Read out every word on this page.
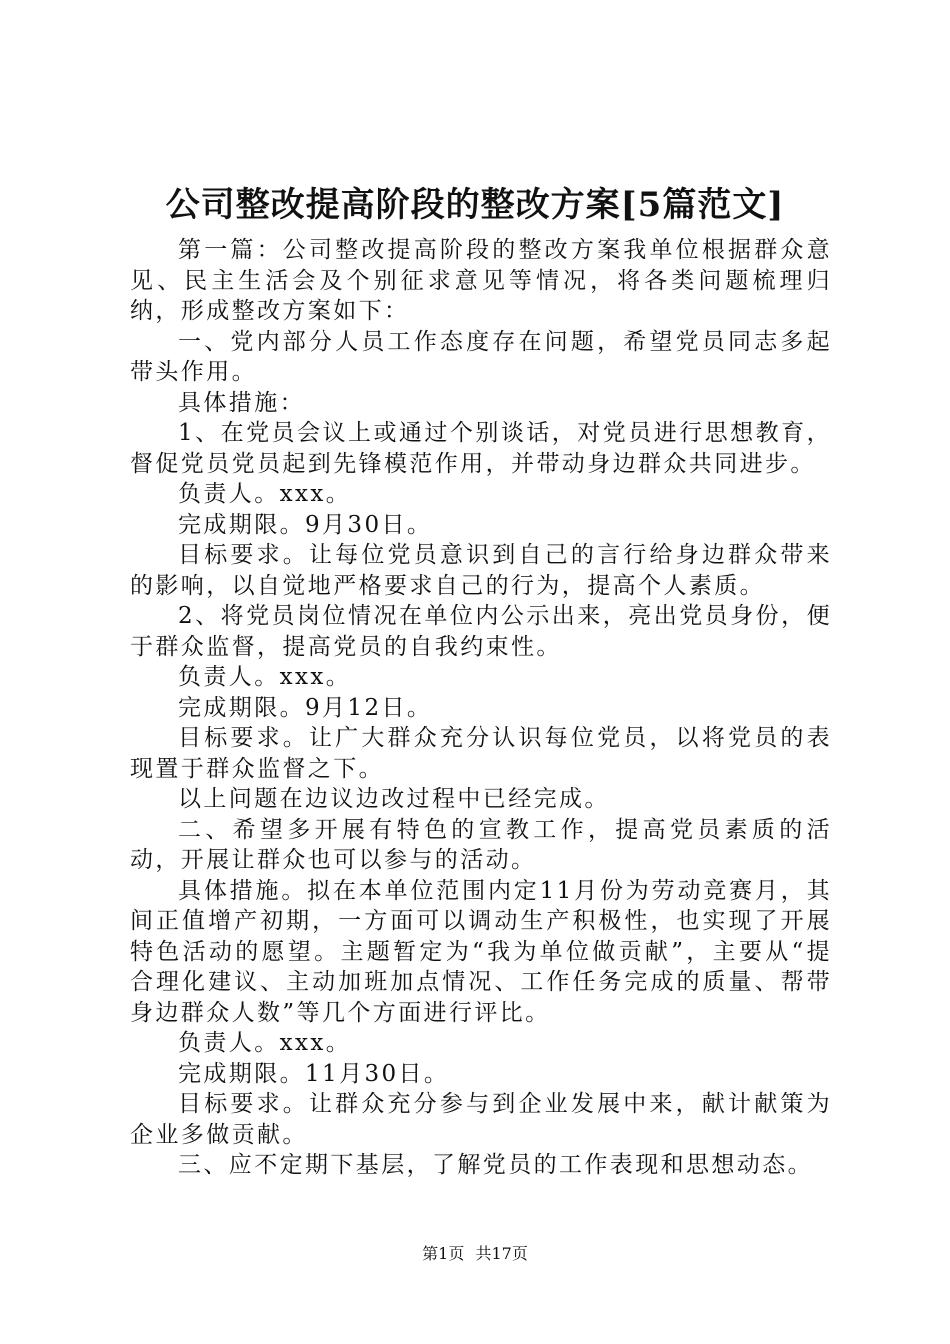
公司整改提高阶段的整改方案[5篇范文]

第一篇：公司整改提高阶段的整改方案我单位根据群众意见、民主生活会及个别征求意见等情况，将各类问题梳理归纳，形成整改方案如下：

一、党内部分人员工作态度存在问题，希望党员同志多起带头作用。

具体措施：

1、在党员会议上或通过个别谈话，对党员进行思想教育，督促党员党员起到先锋模范作用，并带动身边群众共同进步。

负责人。xxx。

完成期限。9月30日。

目标要求。让每位党员意识到自己的言行给身边群众带来的影响，以自觉地严格要求自己的行为，提高个人素质。

2、将党员岗位情况在单位内公示出来，亮出党员身份，便于群众监督，提高党员的自我约束性。

负责人。xxx。

完成期限。9月12日。

目标要求。让广大群众充分认识每位党员，以将党员的表现置于群众监督之下。

以上问题在边议边改过程中已经完成。

二、希望多开展有特色的宣教工作，提高党员素质的活动，开展让群众也可以参与的活动。

具体措施。拟在本单位范围内定11月份为劳动竞赛月，其间正值增产初期，一方面可以调动生产积极性，也实现了开展特色活动的愿望。主题暂定为“我为单位做贡献”，主要从“提合理化建议、主动加班加点情况、工作任务完成的质量、帮带身边群众人数”等几个方面进行评比。

负责人。xxx。

完成期限。11月30日。

目标要求。让群众充分参与到企业发展中来，献计献策为企业多做贡献。

三、应不定期下基层，了解党员的工作表现和思想动态。

第1页 共17页
